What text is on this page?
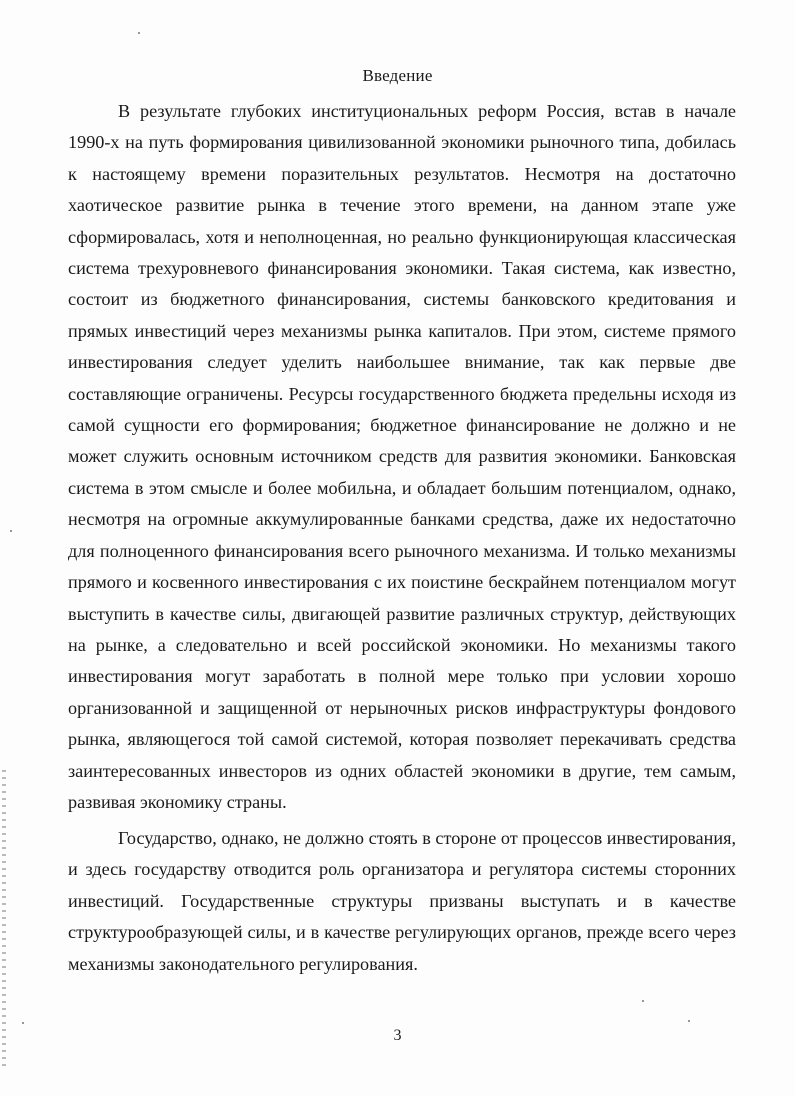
Введение

В результате глубоких институциональных реформ Россия, встав в начале 1990-х на путь формирования цивилизованной экономики рыночного типа, добилась к настоящему времени поразительных результатов. Несмотря на достаточно хаотическое развитие рынка в течение этого времени, на данном этапе уже сформировалась, хотя и неполноценная, но реально функционирующая классическая система трехуровневого финансирования экономики. Такая система, как известно, состоит из бюджетного финансирования, системы банковского кредитования и прямых инвестиций через механизмы рынка капиталов. При этом, системе прямого инвестирования следует уделить наибольшее внимание, так как первые две составляющие ограничены. Ресурсы государственного бюджета предельны исходя из самой сущности его формирования; бюджетное финансирование не должно и не может служить основным источником средств для развития экономики. Банковская система в этом смысле и более мобильна, и обладает большим потенциалом, однако, несмотря на огромные аккумулированные банками средства, даже их недостаточно для полноценного финансирования всего рыночного механизма. И только механизмы прямого и косвенного инвестирования с их поистине бескрайнем потенциалом могут выступить в качестве силы, двигающей развитие различных структур, действующих на рынке, а следовательно и всей российской экономики. Но механизмы такого инвестирования могут заработать в полной мере только при условии хорошо организованной и защищенной от нерыночных рисков инфраструктуры фондового рынка, являющегося той самой системой, которая позволяет перекачивать средства заинтересованных инвесторов из одних областей экономики в другие, тем самым, развивая экономику страны.

Государство, однако, не должно стоять в стороне от процессов инвестирования, и здесь государству отводится роль организатора и регулятора системы сторонних инвестиций. Государственные структуры призваны выступать и в качестве структурообразующей силы, и в качестве регулирующих органов, прежде всего через механизмы законодательного регулирования.

3
